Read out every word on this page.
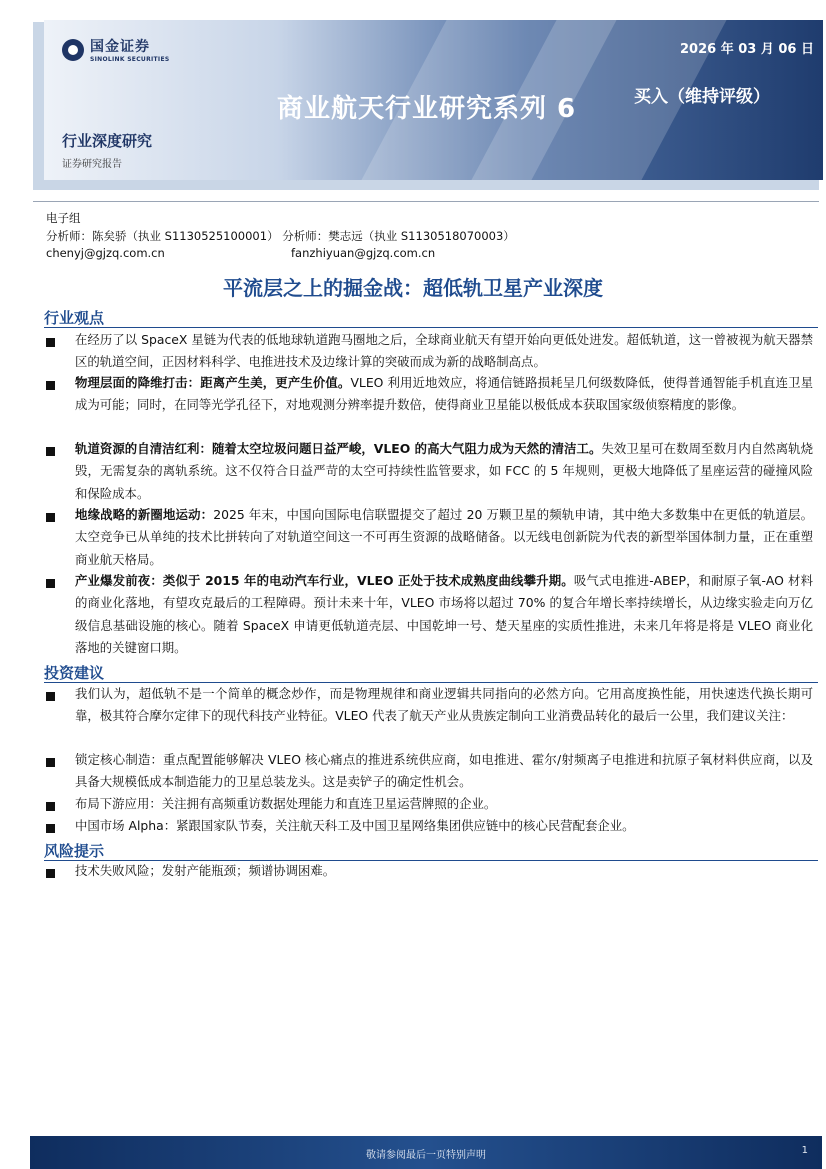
国金证券
SINOLINK SECURITIES
2026 年 03 月 06 日
商业航天行业研究系列 6	买入（维持评级）
行业深度研究
证券研究报告
电子组
分析师：陈矣骄（执业 S1130525100001） 分析师：樊志远（执业 S1130518070003）
chenyj@gjzq.com.cn	fanzhiyuan@gjzq.com.cn
平流层之上的掘金战：超低轨卫星产业深度
行业观点
在经历了以 SpaceX 星链为代表的低地球轨道跑马圈地之后，全球商业航天有望开始向更低处进发。超低轨道，这一曾被视为航天器禁区的轨道空间，正因材料科学、电推进技术及边缘计算的突破而成为新的战略制高点。
物理层面的降维打击：距离产生美，更产生价值。VLEO 利用近地效应，将通信链路损耗呈几何级数降低，使得普通智能手机直连卫星成为可能；同时，在同等光学孔径下，对地观测分辨率提升数倍，使得商业卫星能以极低成本获取国家级侦察精度的影像。
轨道资源的自清洁红利：随着太空垃圾问题日益严峻，VLEO 的高大气阻力成为天然的清洁工。失效卫星可在数周至数月内自然离轨烧毁，无需复杂的离轨系统。这不仅符合日益严苛的太空可持续性监管要求，如 FCC 的 5 年规则，更极大地降低了星座运营的碰撞风险和保险成本。
地缘战略的新圈地运动：2025 年末，中国向国际电信联盟提交了超过 20 万颗卫星的频轨申请，其中绝大多数集中在更低的轨道层。太空竞争已从单纯的技术比拼转向了对轨道空间这一不可再生资源的战略储备。以无线电创新院为代表的新型举国体制力量，正在重塑商业航天格局。
产业爆发前夜：类似于 2015 年的电动汽车行业，VLEO 正处于技术成熟度曲线攀升期。吸气式电推进-ABEP，和耐原子氧-AO 材料的商业化落地，有望攻克最后的工程障碍。预计未来十年，VLEO 市场将以超过 70% 的复合年增长率持续增长，从边缘实验走向万亿级信息基础设施的核心。随着 SpaceX 申请更低轨道壳层、中国乾坤一号、楚天星座的实质性推进，未来几年将是将是 VLEO 商业化落地的关键窗口期。
投资建议
我们认为，超低轨不是一个简单的概念炒作，而是物理规律和商业逻辑共同指向的必然方向。它用高度换性能，用快速迭代换长期可靠，极其符合摩尔定律下的现代科技产业特征。VLEO 代表了航天产业从贵族定制向工业消费品转化的最后一公里，我们建议关注：
锁定核心制造：重点配置能够解决 VLEO 核心痛点的推进系统供应商，如电推进、霍尔/射频离子电推进和抗原子氧材料供应商，以及具备大规模低成本制造能力的卫星总装龙头。这是卖铲子的确定性机会。
布局下游应用：关注拥有高频重访数据处理能力和直连卫星运营牌照的企业。
中国市场 Alpha：紧跟国家队节奏，关注航天科工及中国卫星网络集团供应链中的核心民营配套企业。
风险提示
技术失败风险；发射产能瓶颈；频谱协调困难。
敬请参阅最后一页特别声明	1
